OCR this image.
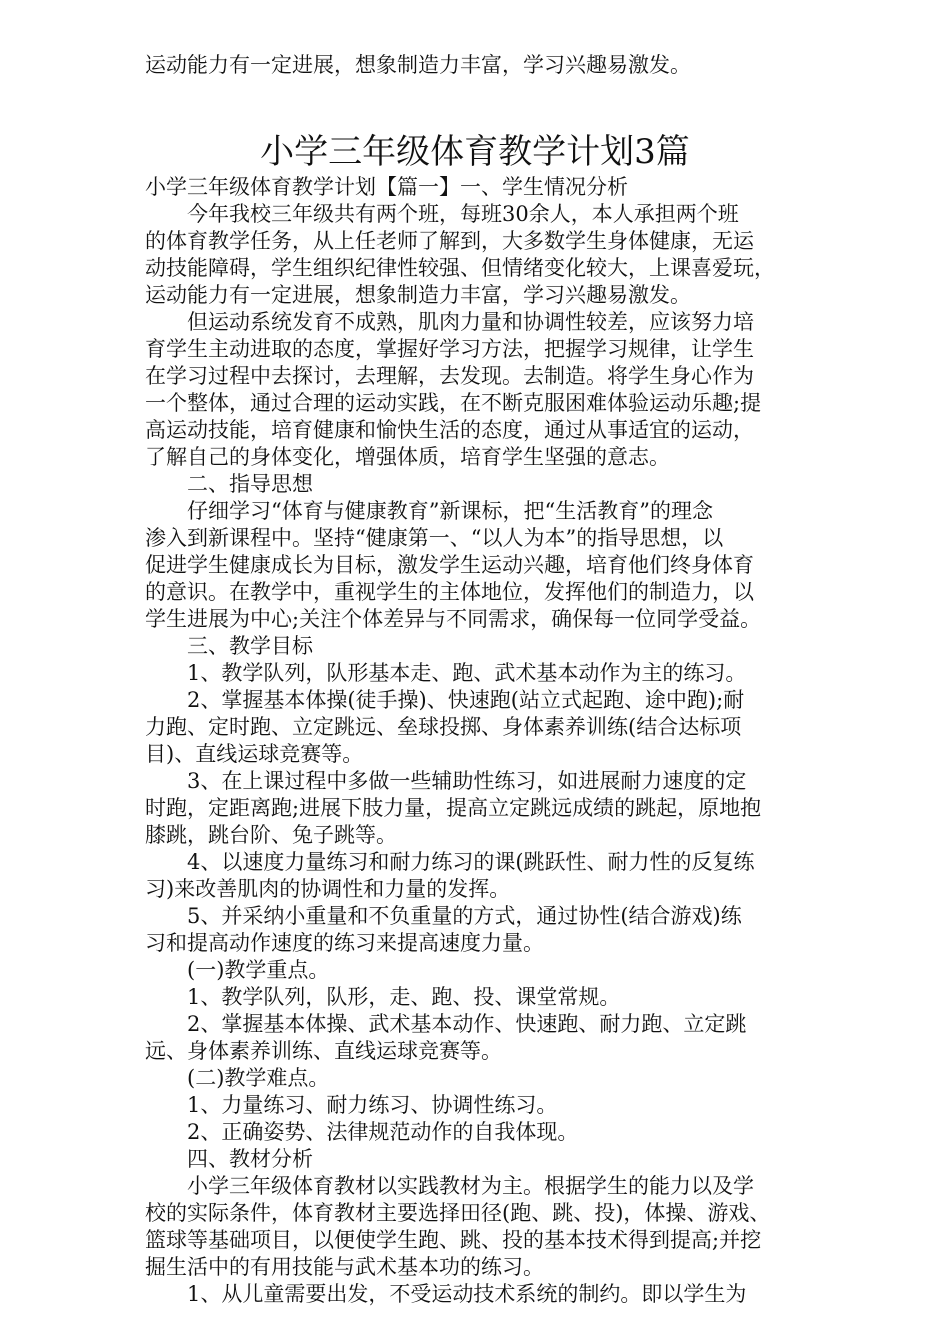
运动能力有一定进展，想象制造力丰富，学习兴趣易激发。
小学三年级体育教学计划3篇
小学三年级体育教学计划【篇一】一、学生情况分析
　　今年我校三年级共有两个班，每班30余人，本人承担两个班
的体育教学任务，从上任老师了解到，大多数学生身体健康，无运
动技能障碍，学生组织纪律性较强、但情绪变化较大，上课喜爱玩，
运动能力有一定进展，想象制造力丰富，学习兴趣易激发。
　　但运动系统发育不成熟，肌肉力量和协调性较差，应该努力培
育学生主动进取的态度，掌握好学习方法，把握学习规律，让学生
在学习过程中去探讨，去理解，去发现。去制造。将学生身心作为
一个整体，通过合理的运动实践，在不断克服困难体验运动乐趣;提
高运动技能，培育健康和愉快生活的态度，通过从事适宜的运动，
了解自己的身体变化，增强体质，培育学生坚强的意志。
　　二、指导思想
　　仔细学习“体育与健康教育”新课标，把“生活教育”的理念
渗入到新课程中。坚持“健康第一、“以人为本”的指导思想，以
促进学生健康成长为目标，激发学生运动兴趣，培育他们终身体育
的意识。在教学中，重视学生的主体地位，发挥他们的制造力，以
学生进展为中心;关注个体差异与不同需求，确保每一位同学受益。
　　三、教学目标
　　1、教学队列，队形基本走、跑、武术基本动作为主的练习。
　　2、掌握基本体操(徒手操)、快速跑(站立式起跑、途中跑);耐
力跑、定时跑、立定跳远、垒球投掷、身体素养训练(结合达标项
目)、直线运球竞赛等。
　　3、在上课过程中多做一些辅助性练习，如进展耐力速度的定
时跑，定距离跑;进展下肢力量，提高立定跳远成绩的跳起，原地抱
膝跳，跳台阶、兔子跳等。
　　4、以速度力量练习和耐力练习的课(跳跃性、耐力性的反复练
习)来改善肌肉的协调性和力量的发挥。
　　5、并采纳小重量和不负重量的方式，通过协性(结合游戏)练
习和提高动作速度的练习来提高速度力量。
　　(一)教学重点。
　　1、教学队列，队形，走、跑、投、课堂常规。
　　2、掌握基本体操、武术基本动作、快速跑、耐力跑、立定跳
远、身体素养训练、直线运球竞赛等。
　　(二)教学难点。
　　1、力量练习、耐力练习、协调性练习。
　　2、正确姿势、法律规范动作的自我体现。
　　四、教材分析
　　小学三年级体育教材以实践教材为主。根据学生的能力以及学
校的实际条件，体育教材主要选择田径(跑、跳、投)，体操、游戏、
篮球等基础项目，以便使学生跑、跳、投的基本技术得到提高;并挖
掘生活中的有用技能与武术基本功的练习。
　　1、从儿童需要出发，不受运动技术系统的制约。即以学生为
